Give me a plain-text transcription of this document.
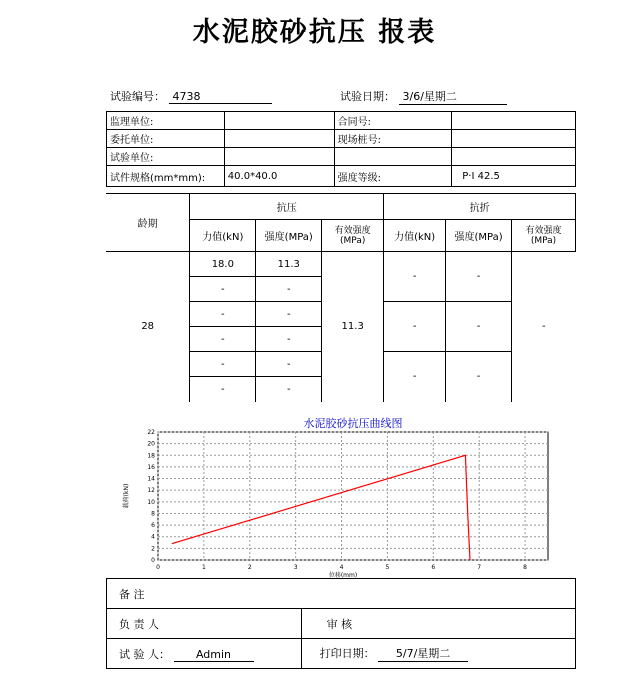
水泥胶砂抗压 报表
试验编号： 4738	试验日期： 3/6/星期二
监理单位:		合同号:	
委托单位:		现场桩号:	
试验单位:			
试件规格(mm*mm):	40.0*40.0	强度等级:	P·I 42.5
龄期	抗压			抗折		
	力值(kN)	强度(MPa)	有效强度(MPa)	力值(kN)	强度(MPa)	有效强度(MPa)
28	18.0	11.3	11.3	-	-	-
	-	-				
	-	-		-	-	
	-	-				
	-	-		-	-	
	-	-				
水泥胶砂抗压曲线图
0	1	2	3	4	5	6	7	8
0
2
4
6
8
10
12
14
16
18
20
22
载荷(kN)
位移(mm)
备 注	
负 责 人	审 核
试 验 人： Admin	打印日期： 5/7/星期二
